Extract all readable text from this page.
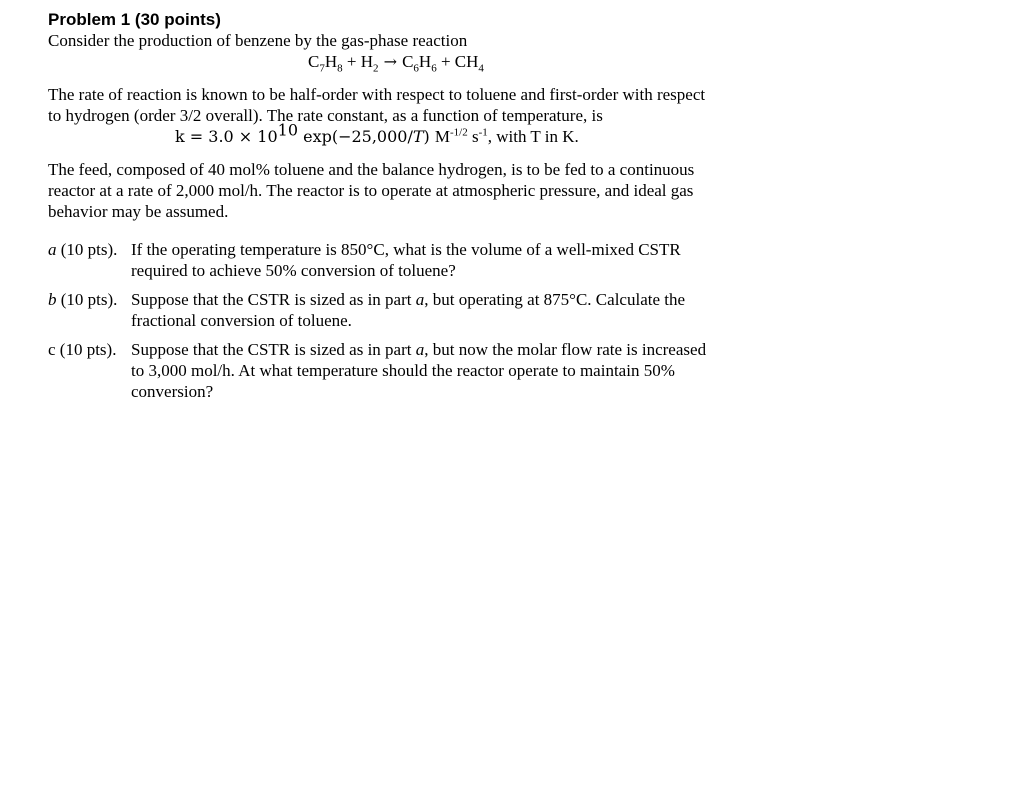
Problem 1 (30 points)

Consider the production of benzene by the gas-phase reaction

$C_7H_8 + H_2 \to C_6H_6 + CH_4$

The rate of reaction is known to be half-order with respect to toluene and first-order with respect

to hydrogen (order 3/2 overall). The rate constant, as a function of temperature, is

$k = 3.0 \times 10^{10}$ exp(−25,000/T) $M^{-1/2}$ $s^{-1}$, with T in K.

The feed, composed of 40 mol% toluene and the balance hydrogen, is to be fed to a continuous

reactor at a rate of 2,000 mol/h. The reactor is to operate at atmospheric pressure, and ideal gas

behavior may be assumed.

a (10 pts). If the operating temperature is 850°C, what is the volume of a well-mixed CSTR
required to achieve 50% conversion of toluene?
b (10 pts). Suppose that the CSTR is sized as in part a, but operating at 875°C. Calculate the
fractional conversion of toluene.
c (10 pts). Suppose that the CSTR is sized as in part a, but now the molar flow rate is increased
to 3,000 mol/h. At what temperature should the reactor operate to maintain 50%
conversion?
